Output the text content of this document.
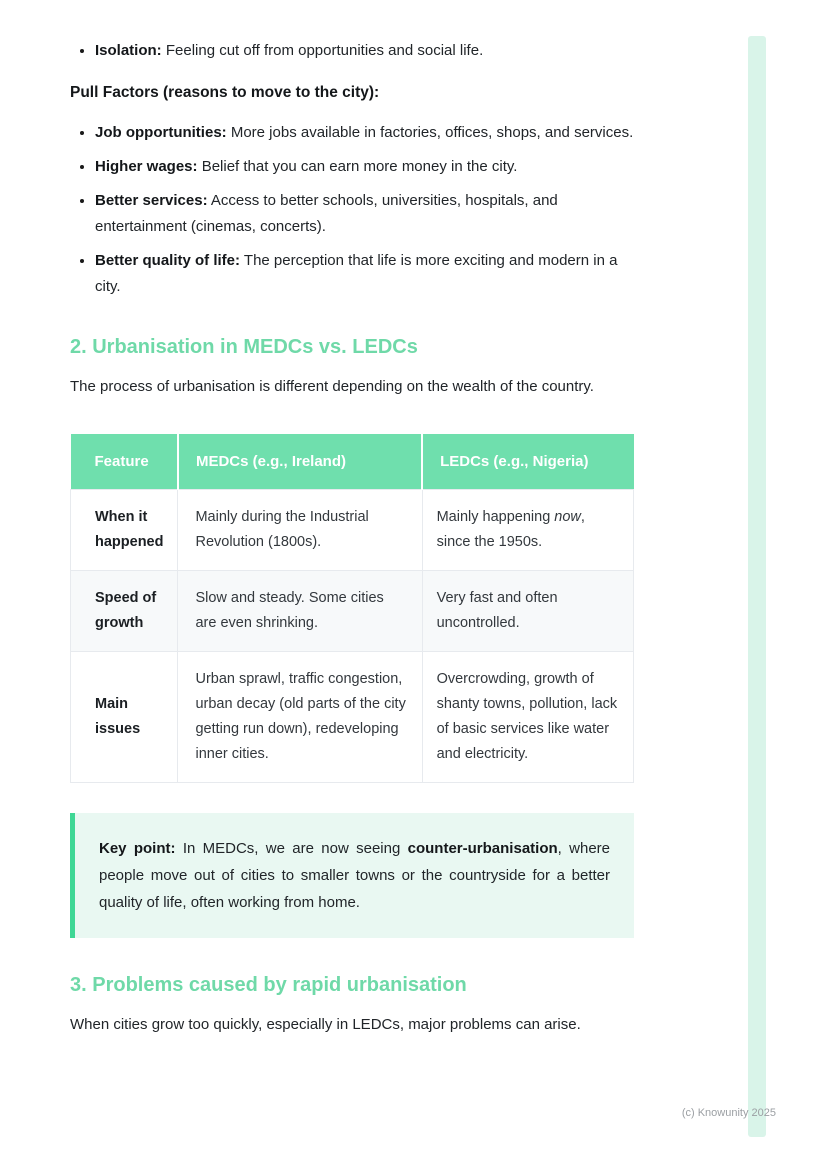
• Isolation: Feeling cut off from opportunities and social life.

Pull Factors (reasons to move to the city):

• Job opportunities: More jobs available in factories, offices, shops, and services.
• Higher wages: Belief that you can earn more money in the city.
• Better services: Access to better schools, universities, hospitals, and entertainment (cinemas, concerts).
• Better quality of life: The perception that life is more exciting and modern in a city.
2. Urbanisation in MEDCs vs. LEDCs

The process of urbanisation is different depending on the wealth of the country.

Feature	MEDCs (e.g., Ireland)	LEDCs (e.g., Nigeria)
When it happened	Mainly during the Industrial Revolution (1800s).	Mainly happening now, since the 1950s.
Speed of growth	Slow and steady. Some cities are even shrinking.	Very fast and often uncontrolled.
Main issues	Urban sprawl, traffic congestion, urban decay (old parts of the city getting run down), redeveloping inner cities.	Overcrowding, growth of shanty towns, pollution, lack of basic services like water and electricity.
Key point: In MEDCs, we are now seeing counter-urbanisation, where people move out of cities to smaller towns or the countryside for a better quality of life, often working from home.
3. Problems caused by rapid urbanisation

When cities grow too quickly, especially in LEDCs, major problems can arise.

(c) Knowunity 2025
